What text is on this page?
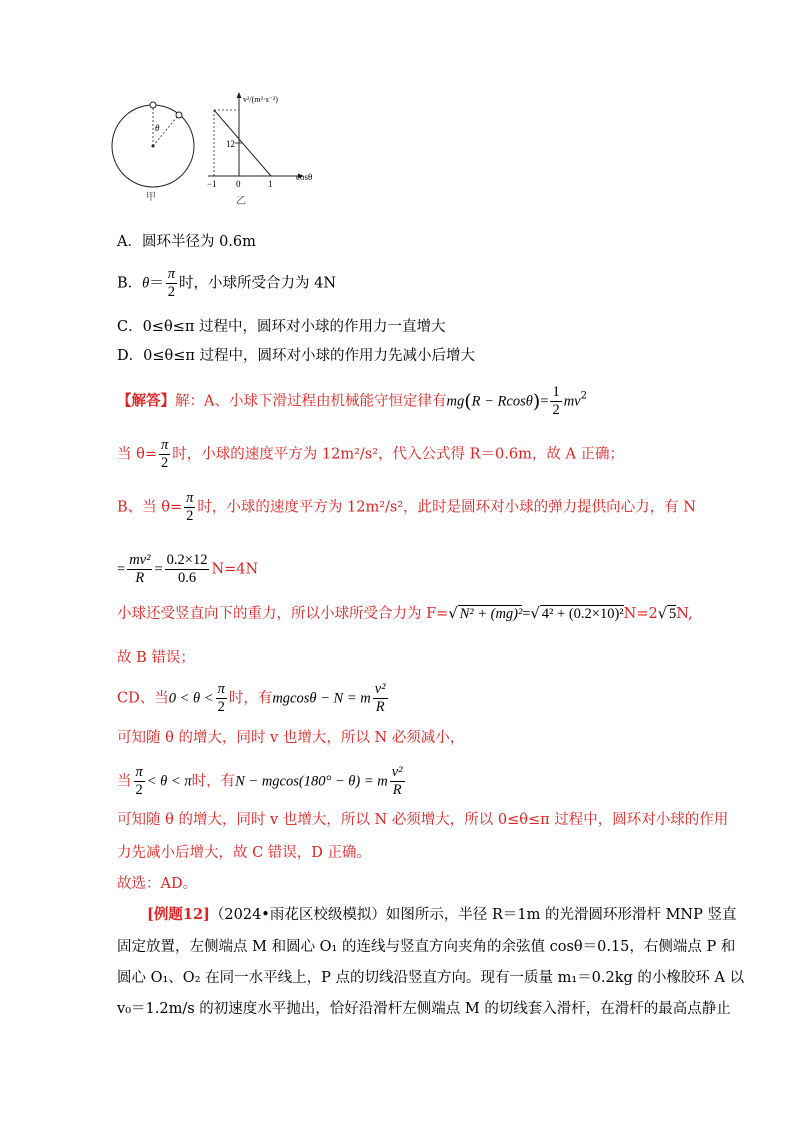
θ
v²/(m²·s⁻²)
12
−1 0	1
cosθ
甲	乙
A．圆环半径为 0.6m
B．$\theta= \frac{\pi}{2}$ 时，小球所受合力为 4N
C．0≤θ≤π 过程中，圆环对小球的作用力一直增大
D．0≤θ≤π 过程中，圆环对小球的作用力先减小后增大
【解答】解：A、小球下滑过程由机械能守恒定律有$mg(R - Rcos\theta)= \frac{1}{2} mv^2$
当 $\theta= \frac{\pi}{2}$ 时，小球的速度平方为 12m²/s²，代入公式得 R＝0.6m，故 A 正确；
B、当 $\theta= \frac{\pi}{2}$ 时，小球的速度平方为 12m²/s²，此时是圆环对小球的弹力提供向心力，有 N
= $\frac{\text{mv²}}{R} = \frac{0.2\times 12}{0.6} N=4N$
小球还受竖直向下的重力，所以小球所受合力为 F=√ N² + (mg)²=√ 4² + (0.2×10)²N=2√ 5N,
故 B 错误；
CD、当$0 < \theta < \frac{\pi}{2}$ 时，有mgcosθ − N = m $\frac{\text{v²}}{R}$
可知随 θ 的增大，同时 v 也增大，所以 N 必须减小，
当 $\frac{\pi}{2} < \theta < \pi$时，有N − mgcos(180° − θ) = m $\frac{\text{v²}}{R}$
可知随 θ 的增大，同时 v 也增大，所以 N 必须增大，所以 0≤θ≤π 过程中，圆环对小球的作用
力先减小后增大，故 C 错误，D 正确。
故选：AD。
[例题12]（2024•雨花区校级模拟）如图所示，半径 R＝1m 的光滑圆环形滑杆 MNP 竖直
固定放置，左侧端点 M 和圆心 O₁ 的连线与竖直方向夹角的余弦值 cosθ＝0.15，右侧端点 P 和
圆心 O₁、O₂ 在同一水平线上，P 点的切线沿竖直方向。现有一质量 m₁＝0.2kg 的小橡胶环 A 以
v₀＝1.2m/s 的初速度水平抛出，恰好沿滑杆左侧端点 M 的切线套入滑杆，在滑杆的最高点静止
